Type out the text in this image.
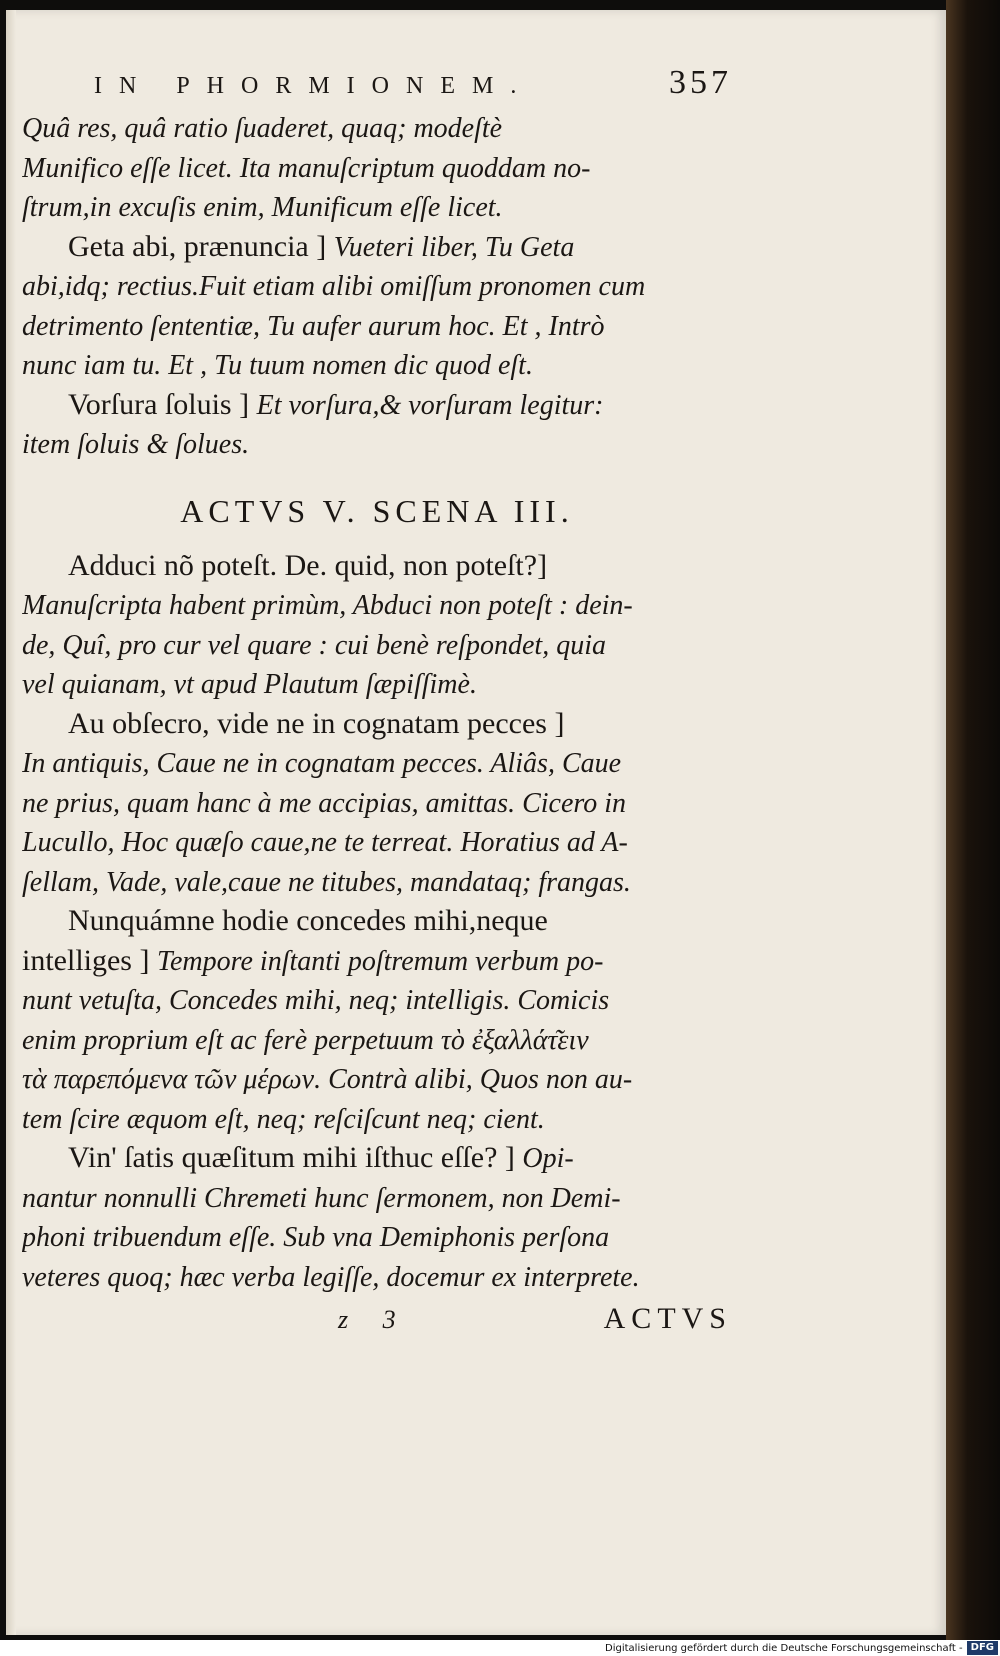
IN PHORMIONEM.	357

Quâ res, quâ ratio ſuaderet, quaq; modeſtè

Munifico eſſe licet. Ita manuſcriptum quoddam no-

ſtrum,in excuſis enim, Munificum eſſe licet.

Geta abi, prænuncia ] Vueteri liber, Tu Geta

abi,idq; rectius.Fuit etiam alibi omiſſum pronomen cum

detrimento ſententiæ, Tu aufer aurum hoc. Et , Intrò

nunc iam tu. Et , Tu tuum nomen dic quod eſt.

Vorſura ſoluis ] Et vorſura,& vorſuram legitur:

item ſoluis & ſolues.

ACTVS V. SCENA III.

Adduci nõ poteſt. De. quid, non poteſt?]

Manuſcripta habent primùm, Abduci non poteſt : dein-

de, Quî, pro cur vel quare : cui benè reſpondet, quia

vel quianam, vt apud Plautum ſæpiſſimè.

Au obſecro, vide ne in cognatam pecces ]

In antiquis, Caue ne in cognatam pecces. Aliâs, Caue

ne prius, quam hanc à me accipias, amittas. Cicero in

Lucullo, Hoc quæſo caue,ne te terreat. Horatius ad A-

ſellam, Vade, vale,caue ne titubes, mandataq; frangas.

Nunquámne hodie concedes mihi,neque

intelliges ] Tempore inſtanti poſtremum verbum po-

nunt vetuſta, Concedes mihi, neq; intelligis. Comicis

enim proprium eſt ac ferè perpetuum τὸ ἐξαλλάτ͂ειν

τὰ παρεπόμενα τῶν μέρων. Contrà alibi, Quos non au-

tem ſcire æquom eſt, neq; reſciſcunt neq; cient.

Vin' ſatis quæſitum mihi iſthuc eſſe? ] Opi-

nantur nonnulli Chremeti hunc ſermonem, non Demi-

phoni tribuendum eſſe. Sub vna Demiphonis perſona

veteres quoq; hæc verba legiſſe, docemur ex interprete.

z 3	ACTVS
Digitalisierung gefördert durch die Deutsche Forschungsgemeinschaft - DFG
